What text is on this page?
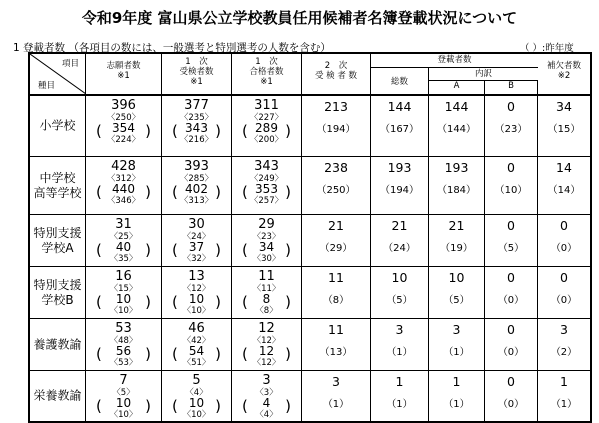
令和9年度 富山県公立学校教員任用候補者名簿登載状況について
1 登載者数 （各項目の数には、一般選考と特別選考の人数を含む）	（ ）:昨年度
項目
種目
志願者数
※1
1　次
受検者数
※1
1　次
合格者数
※1
2　次
受 検 者 数
登載者数
総数
内訳
A	B
補欠者数
※2
小学校
396
〈250〉
( 354 )
〈224〉
377
〈235〉
( 343 )
〈216〉
311
〈227〉
( 289 )
〈200〉
213
（194）
144
（167）
144
（144）
0
（23）
34
（15）
中学校
高等学校
428
〈312〉
( 440 )
〈346〉
393
〈285〉
( 402 )
〈313〉
343
〈249〉
( 353 )
〈257〉
238
（250）
193
（194）
193
（184）
0
（10）
14
（14）
特別支援
学校A
31
〈25〉
( 40 )
〈35〉
30
〈24〉
( 37 )
〈32〉
29
〈23〉
( 34 )
〈30〉
21
（29）
21
（24）
21
（19）
0
（5）
0
（0）
特別支援
学校B
16
〈15〉
( 10 )
〈10〉
13
〈12〉
( 10 )
〈10〉
11
〈11〉
( 8 )
〈8〉
11
（8）
10
（5）
10
（5）
0
（0）
0
（0）
養護教諭
53
〈48〉
( 56 )
〈53〉
46
〈42〉
( 54 )
〈51〉
12
〈12〉
( 12 )
〈12〉
11
（13）
3
（1）
3
（1）
0
（0）
3
（2）
栄養教諭
7
〈5〉
( 10 )
〈10〉
5
〈4〉
( 10 )
〈10〉
3
〈3〉
( 4 )
〈4〉
3
（1）
1
（1）
1
（1）
0
（0）
1
（1）
